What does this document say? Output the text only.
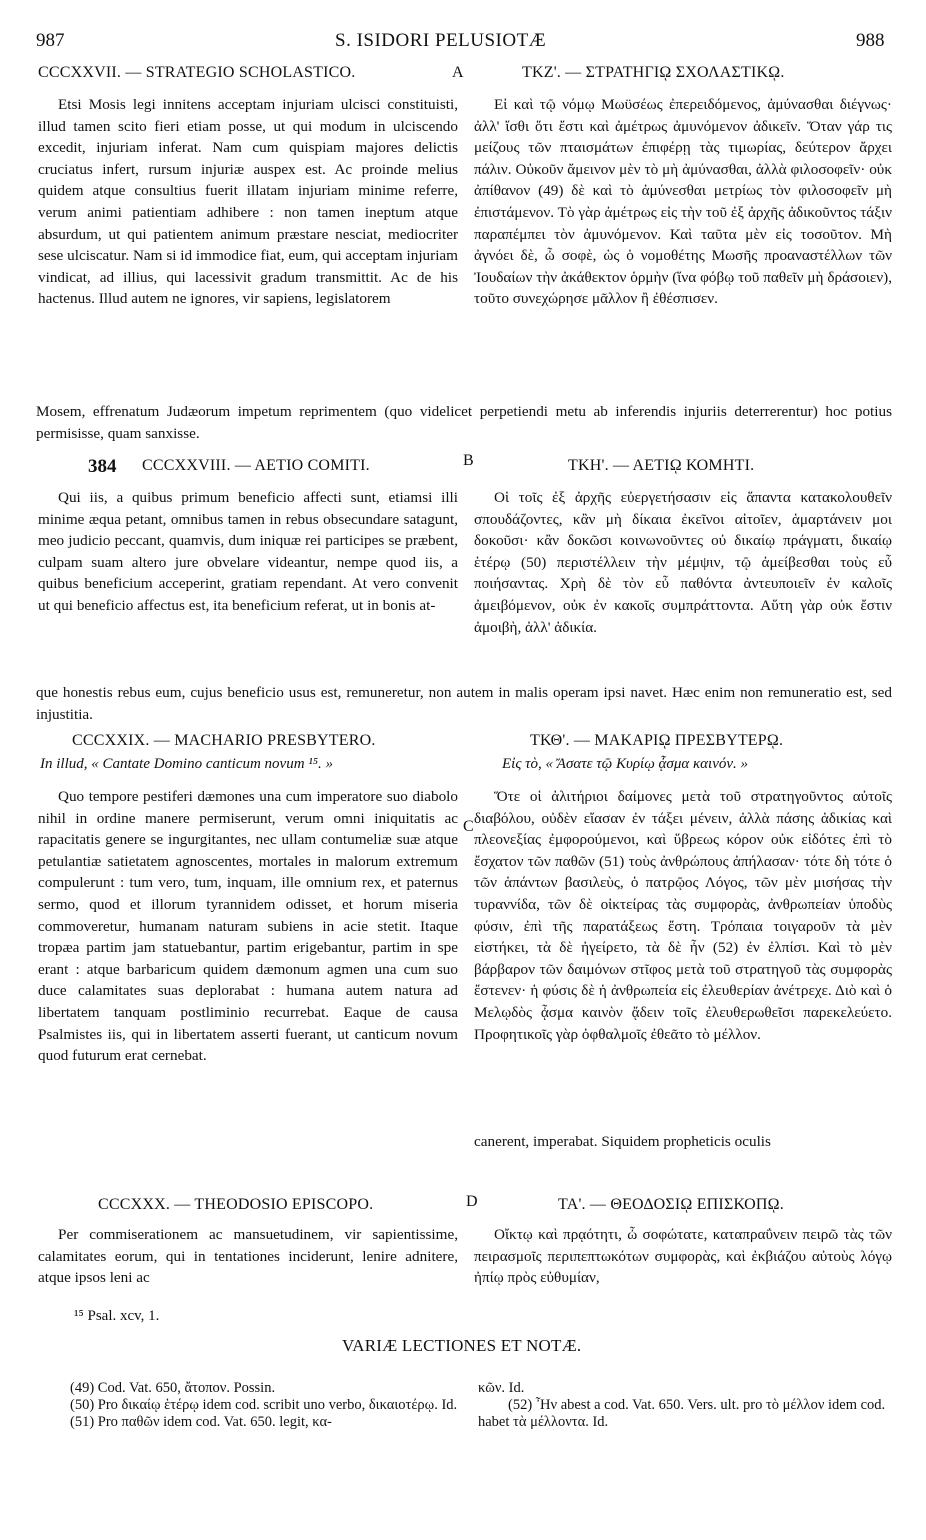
987	S. ISIDORI PELUSIOTÆ	988
CCCXXVII. — STRATEGIO SCHOLASTICO.	A	ΤΚΖ'. — ΣΤΡΑΤΗΓΙῼ ΣΧΟΛΑΣΤΙΚῼ.

Etsi Mosis legi innitens acceptam injuriam ulcisci constituisti, illud tamen scito fieri etiam posse, ut qui modum in ulciscendo excedit, injuriam inferat. Nam cum quispiam majores delictis cruciatus infert, rursum injuriæ auspex est. Ac proinde melius quidem atque consultius fuerit illatam injuriam minime referre, verum animi patientiam adhibere : non tamen ineptum atque absurdum, ut qui patientem animum præstare nesciat, mediocriter sese ulciscatur. Nam si id immodice fiat, eum, qui acceptam injuriam vindicat, ad illius, qui lacessivit gradum transmittit. Ac de his hactenus. Illud autem ne ignores, vir sapiens, legislatorem

Εἰ καὶ τῷ νόμῳ Μωϋσέως ἐπερειδόμενος, ἀμύνασθαι διέγνως· ἀλλ' ἴσθι ὅτι ἔστι καὶ ἀμέτρως ἀμυνόμενον ἀδικεῖν. Ὅταν γάρ τις μείζους τῶν πταισμάτων ἐπιφέρῃ τὰς τιμωρίας, δεύτερον ἄρχει πάλιν. Οὐκοῦν ἄμεινον μὲν τὸ μὴ ἀμύνασθαι, ἀλλὰ φιλοσοφεῖν· οὐκ ἀπίθανον (49) δὲ καὶ τὸ ἀμύνεσθαι μετρίως τὸν φιλοσοφεῖν μὴ ἐπιστάμενον. Τὸ γὰρ ἀμέτρως εἰς τὴν τοῦ ἐξ ἀρχῆς ἀδικοῦντος τάξιν παραπέμπει τὸν ἀμυνόμενον. Καὶ ταῦτα μὲν εἰς τοσοῦτον. Μὴ ἀγνόει δὲ, ὦ σοφὲ, ὡς ὁ νομοθέτης Μωσῆς προαναστέλλων τῶν Ἰουδαίων τὴν ἀκάθεκτον ὁρμὴν (ἵνα φόβῳ τοῦ παθεῖν μὴ δράσοιεν), τοῦτο συνεχώρησε μᾶλλον ἢ ἐθέσπισεν.

Mosem, effrenatum Judæorum impetum reprimentem (quo videlicet perpetiendi metu ab inferendis injuriis deterrerentur) hoc potius permisisse, quam sanxisse.

384 CCCXXVIII. — AETIO COMITI.	B	ΤΚΗ'. — ΑΕΤΙῼ ΚΟΜΗΤΙ.

Qui iis, a quibus primum beneficio affecti sunt, etiamsi illi minime æqua petant, omnibus tamen in rebus obsecundare satagunt, meo judicio peccant, quamvis, dum iniquæ rei participes se præbent, culpam suam altero jure obvelare videantur, nempe quod iis, a quibus beneficium acceperint, gratiam rependant. At vero convenit ut qui beneficio affectus est, ita beneficium referat, ut in bonis at-

Οἱ τοῖς ἐξ ἀρχῆς εὐεργετήσασιν εἰς ἅπαντα κατακολουθεῖν σπουδάζοντες, κἂν μὴ δίκαια ἐκεῖνοι αἰτοῖεν, ἁμαρτάνειν μοι δοκοῦσι· κἂν δοκῶσι κοινωνοῦντες οὐ δικαίῳ πράγματι, δικαίῳ ἑτέρῳ (50) περιστέλλειν τὴν μέμψιν, τῷ ἀμείβεσθαι τοὺς εὖ ποιήσαντας. Χρὴ δὲ τὸν εὖ παθόντα ἀντευποιεῖν ἐν καλοῖς ἀμειβόμενον, οὐκ ἐν κακοῖς συμπράττοντα. Αὕτη γὰρ οὐκ ἔστιν ἀμοιβὴ, ἀλλ' ἀδικία.

que honestis rebus eum, cujus beneficio usus est, remuneretur, non autem in malis operam ipsi navet. Hæc enim non remuneratio est, sed injustitia.

CCCXXIX. — MACHARIO PRESBYTERO.	ΤΚΘ'. — ΜΑΚΑΡΙῼ ΠΡΕΣΒΥΤΕΡῼ.
In illud, « Cantate Domino canticum novum ¹⁵. »	Εἰς τὸ, « Ἄσατε τῷ Κυρίῳ ᾆσμα καινόν. »
C

Quo tempore pestiferi dæmones una cum imperatore suo diabolo nihil in ordine manere permiserunt, verum omni iniquitatis ac rapacitatis genere se ingurgitantes, nec ullam contumeliæ suæ atque petulantiæ satietatem agnoscentes, mortales in malorum extremum compulerunt : tum vero, tum, inquam, ille omnium rex, et paternus sermo, quod et illorum tyrannidem odisset, et horum miseria commoveretur, humanam naturam subiens in acie stetit. Itaque tropæa partim jam statuebantur, partim erigebantur, partim in spe erant : atque barbaricum quidem dæmonum agmen una cum suo duce calamitates suas deplorabat : humana autem natura ad libertatem tanquam postliminio recurrebat. Eaque de causa Psalmistes iis, qui in libertatem asserti fuerant, ut canticum novum quod futurum erat cernebat.

Ὅτε οἱ ἀλιτήριοι δαίμονες μετὰ τοῦ στρατηγοῦντος αὐτοῖς διαβόλου, οὐδὲν εἴασαν ἐν τάξει μένειν, ἀλλὰ πάσης ἀδικίας καὶ πλεονεξίας ἐμφορούμενοι, καὶ ὕβρεως κόρον οὐκ εἰδότες ἐπὶ τὸ ἔσχατον τῶν παθῶν (51) τοὺς ἀνθρώπους ἀπήλασαν· τότε δὴ τότε ὁ τῶν ἁπάντων βασιλεὺς, ὁ πατρῷος Λόγος, τῶν μὲν μισήσας τὴν τυραννίδα, τῶν δὲ οἰκτείρας τὰς συμφορὰς, ἀνθρωπείαν ὑποδὺς φύσιν, ἐπὶ τῆς παρατάξεως ἔστη. Τρόπαια τοιγαροῦν τὰ μὲν εἱστήκει, τὰ δὲ ἠγείρετο, τὰ δὲ ἦν (52) ἐν ἐλπίσι. Καὶ τὸ μὲν βάρβαρον τῶν δαιμόνων στῖφος μετὰ τοῦ στρατηγοῦ τὰς συμφορὰς ἔστενεν· ἡ φύσις δὲ ἡ ἀνθρωπεία εἰς ἐλευθερίαν ἀνέτρεχε. Διὸ καὶ ὁ Μελῳδὸς ᾆσμα καινὸν ᾄδειν τοῖς ἐλευθερωθεῖσι παρεκελεύετο. Προφητικοῖς γὰρ ὀφθαλμοῖς ἐθεᾶτο τὸ μέλλον.

canerent, imperabat. Siquidem propheticis oculis

CCCXXX. — THEODOSIO EPISCOPO.	D	ΤΑ'. — ΘΕΟΔΟΣΙῼ ΕΠΙΣΚΟΠῼ.

Per commiserationem ac mansuetudinem, vir sapientissime, calamitates eorum, qui in tentationes inciderunt, lenire adnitere, atque ipsos leni ac

Οἴκτῳ καὶ πρᾳότητι, ὦ σοφώτατε, καταπραΰνειν πειρῶ τὰς τῶν πειρασμοῖς περιπεπτωκότων συμφορὰς, καὶ ἐκβιάζου αὐτοὺς λόγῳ ἠπίῳ πρὸς εὐθυμίαν,

¹⁵ Psal. xcv, 1.
VARIÆ LECTIONES ET NOTÆ.

(49) Cod. Vat. 650, ἄτοπον. Possin.

(50) Pro δικαίῳ ἑτέρῳ idem cod. scribit uno verbo, δικαιοτέρῳ. Id.

(51) Pro παθῶν idem cod. Vat. 650. legit, κα-

κῶν. Id.

(52) Ἦν abest a cod. Vat. 650. Vers. ult. pro τὸ μέλλον idem cod. habet τὰ μέλλοντα. Id.
